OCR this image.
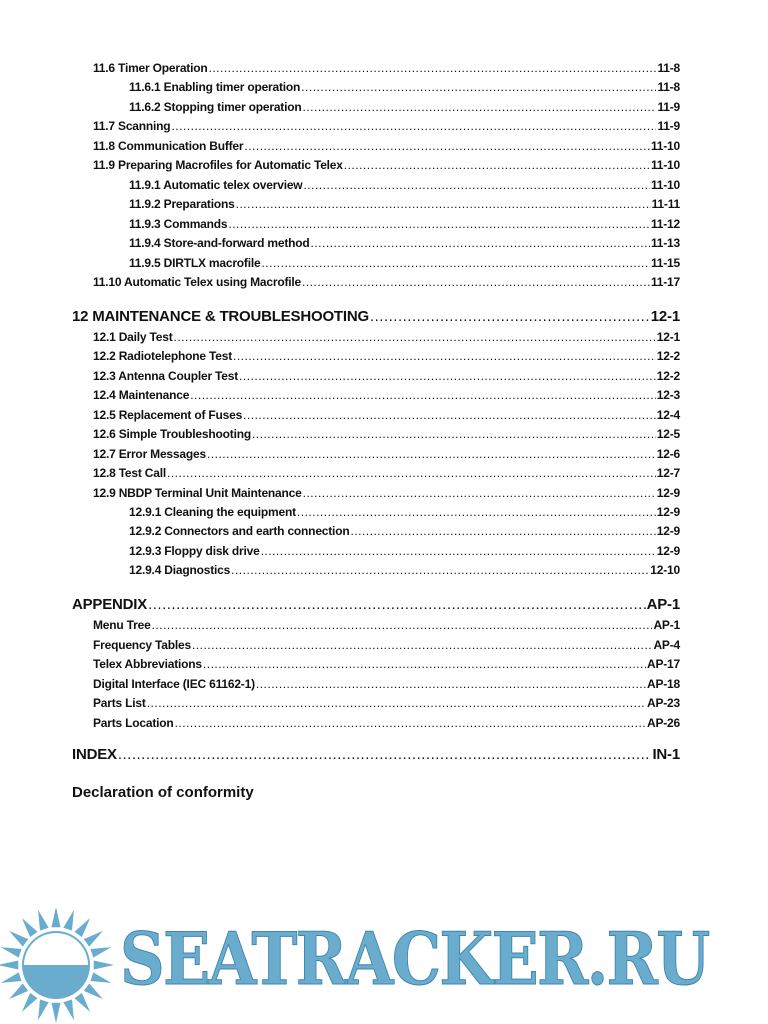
11.6 Timer Operation .....	11-8
11.6.1 Enabling timer operation .....	11-8
11.6.2 Stopping timer operation .....	11-9
11.7 Scanning .....	11-9
11.8 Communication Buffer .....	11-10
11.9 Preparing Macrofiles for Automatic Telex .....	11-10
11.9.1 Automatic telex overview .....	11-10
11.9.2 Preparations .....	11-11
11.9.3 Commands .....	11-12
11.9.4 Store-and-forward method .....	11-13
11.9.5 DIRTLX macrofile .....	11-15
11.10 Automatic Telex using Macrofile .....	11-17
12 MAINTENANCE & TROUBLESHOOTING .....	12-1
12.1 Daily Test .....	12-1
12.2 Radiotelephone Test .....	12-2
12.3 Antenna Coupler Test .....	12-2
12.4 Maintenance .....	12-3
12.5 Replacement of Fuses .....	12-4
12.6 Simple Troubleshooting .....	12-5
12.7 Error Messages .....	12-6
12.8 Test Call .....	12-7
12.9 NBDP Terminal Unit Maintenance .....	12-9
12.9.1 Cleaning the equipment .....	12-9
12.9.2 Connectors and earth connection .....	12-9
12.9.3 Floppy disk drive .....	12-9
12.9.4 Diagnostics .....	12-10
APPENDIX .....	AP-1
Menu Tree .....	AP-1
Frequency Tables .....	AP-4
Telex Abbreviations .....	AP-17
Digital Interface (IEC 61162-1) .....	AP-18
Parts List .....	AP-23
Parts Location .....	AP-26
INDEX .....	IN-1
Declaration of conformity
SEATRACKER.RU
